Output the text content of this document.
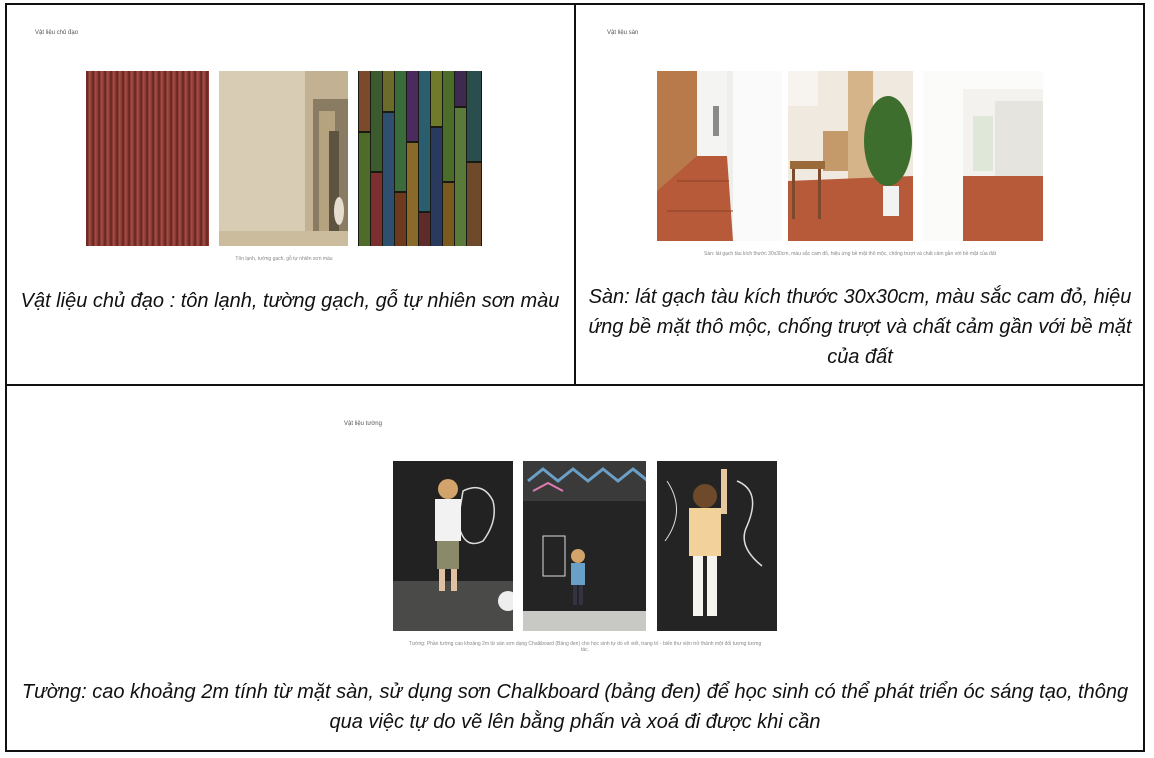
Vật liệu chủ đạo
Tôn lạnh, tường gạch, gỗ tự nhiên sơn màu
Vật liệu chủ đạo : tôn lạnh, tường gạch, gỗ tự nhiên sơn màu
Vật liệu sàn
Sàn: lát gạch tàu kích thước 30x30cm, màu sắc cam đỏ, hiệu ứng bề mặt thô mộc, chống trượt và chất cảm gần với bề mặt của đất
Sàn: lát gạch tàu kích thước 30x30cm, màu sắc cam đỏ, hiệu ứng bề mặt thô mộc, chống trượt và chất cảm gần với bề mặt của đất
Vật liệu tường
Tường: Phần tường cao khoảng 2m từ sàn sơn dạng Chalkboard (Bảng đen) cho học sinh tự do vẽ viết, trang trí - biến thư viện trở thành một đối tượng tương tác.
Tường: cao khoảng 2m tính từ mặt sàn, sử dụng sơn Chalkboard (bảng đen) để học sinh có thể phát triển óc sáng tạo, thông qua việc tự do vẽ lên bằng phấn và xoá đi được khi cần
